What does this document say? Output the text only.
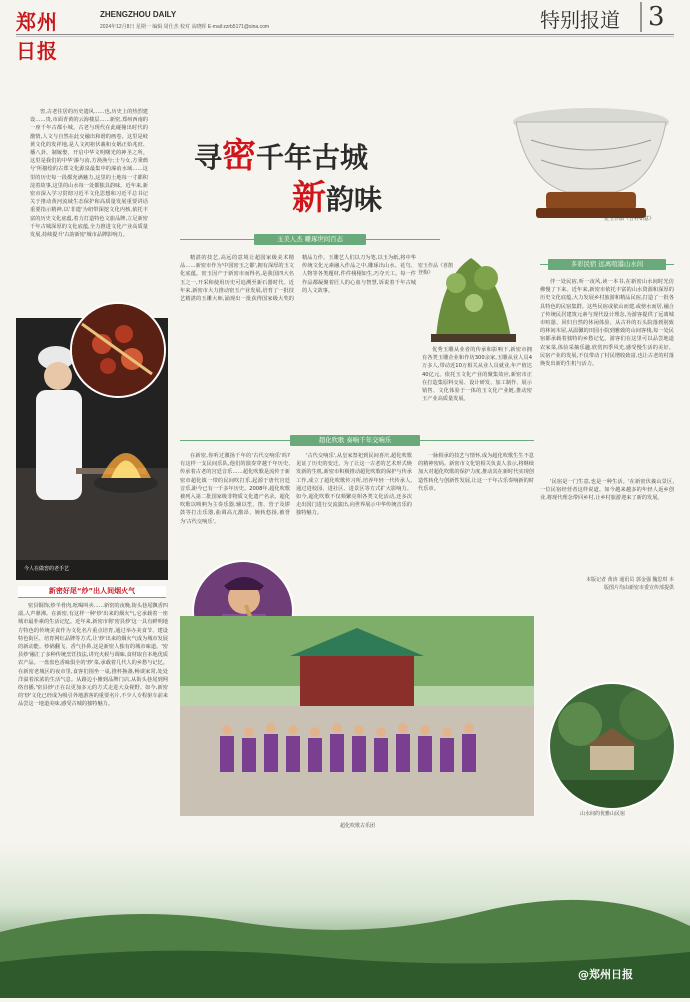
郑州日报
ZHENGZHOU DAILY
2024年12月8日 星期一 编辑 周仕杰 校对 高晓晖 E-mail:zzrb5171@sina.com	特别报道	3

窖,古老住居的历史遗风……也,历史上的热烈建设……贵,市面青黄的云海楼层……新密,郑州西南的一座千年古都小城。古老与现代在此碰撞出时代的激情,人文与自然在此交融出和谐的画卷。这里是岐黄文化的发祥地,是人文初祖伏羲和女娲正始兆庶、播八卦、制嫁娶、开启中华文明曙光的神圣之所。这里是我们的中华'溱与洧,方涣涣兮;士与女,方秉蕳兮'所描绘的古郑文化源泉最集中的溱洧水域……这里的历史每一段都充满魅力,这里的土地每一寸都积淀着故事,这里的山水每一处都独具韵味。近年来,新密市深入学习贯彻习近平文化思想和习近平总书记关于推动黄河流域生态保护和高质量发展重要讲话重要指示精神,以'非遗'为纽带深挖文化内核,依托丰富的历史文化底蕴,着力打造特色文旅品牌,立足新密千年古城深厚的文化底蕴,全力推进文化产业高质量发展,持续提升'古韵新密'城市品牌影响力。

今人在做窖的老手艺
新密好尾“炒”出人间烟火气

密县铜饰,炒羊骨肉,吆喝叫卖……新密的夜晚,街头巷尾飘香四溢,人声鼎沸。在新密,有这样一种'炒'出来的烟火气,它承载着一座城市最朴素的生活记忆。近年来,新密市将'密县炒'这一具有鲜明地方特色的传统美食作为文化名片重点培育,通过举办美食节、建设特色街区、培育网红品牌等方式,让'炒'出来的烟火气成为城市发展的新动能。炒锅翻飞、香气扑鼻,这是新密人独有的城市味道。'密县炒'融汇了多种传统烹饪技法,讲究火候与调味,食材取自本地优质农产品。一盘盘色香味俱全的'炒'菜,承载着几代人的乡愁与记忆。在新密老城区的夜市里,食客们围坐一桌,推杯换盏,畅谈家常,处处洋溢着浓浓的生活气息。从路边小摊到品牌门店,从街头巷尾到网络直播,'密县炒'正在以更加多元的方式走进大众视野。如今,新密的'炒'文化已经成为吸引外地游客的重要名片,不少人专程驱车前来品尝这一地道美味,感受古城的独特魅力。

寻密千年古城
新韵味
密玉作品《吉祥如意》
玉美人杰 雕琢世间百态

精湛的技艺,高远的意境让超国家级美术精品……新密市作为'中国密玉之都',拥有深厚的玉文化底蕴。密玉因产于新密市而得名,是我国四大名玉之一,开采和使用历史可追溯至新石器时代。近年来,新密市大力推动密玉产业发展,培育了一批技艺精湛的玉雕大师,涌现出一批获得国家级大奖的精品力作。玉雕艺人们以刀为笔,以玉为纸,将中华传统文化元素融入作品之中,雕琢出山水、花鸟、人物等各类题材,件件栩栩如生,巧夺天工。每一件作品都凝聚着匠人的心血与智慧,诉说着千年古城的人文故事。

密玉作品《喜鹊登梅》

优秀玉雕从业者的传承和影响下,新密市拥有各类玉雕企业和作坊300余家,玉雕从业人员4万多人,带动近10万相关从业人员就业,年产值达40亿元。依托玉文化产业的聚集效应,新密市正在打造集原料交易、设计研发、加工制作、展示销售、文化体验于一体的玉文化产业链,推动密玉产业高质量发展。

多彩民宿 远离喧嚣山水间

伴一处民宿,听一夜风,读一本书,在新密山水间时光仿佛慢了下来。近年来,新密市依托丰富的山水资源和深厚的历史文化底蕴,大力发展乡村旅游和精品民宿,打造了一批各具特色的民宿集群。这些民宿或依山而建,或傍水而居,融合了传统民居建筑元素与现代设计理念,为游客提供了远离城市喧嚣、回归自然的休闲体验。从古朴的石头院落到别致的林间木屋,从温馨的田园小院到雅致的山间客栈,每一处民宿都承载着独特的乡愁记忆。游客们在这里可以品尝地道农家菜,体验采摘乐趣,欣赏四季风光,感受慢生活的美好。民宿产业的发展,不仅带动了村民增收致富,也让古老的村落焕发出新的生机与活力。

'民宿是一门生意,也是一种生活。'在新密伏羲山景区,一位民宿经营者这样说道。如今越来越多的年轻人返乡创业,将现代理念带回乡村,让乡村旅游迎来了新的发展。

本版记者 黄涛 通讯员 郭金强 魏思琪 本版图片均由新密市委宣传部提供
山水间的优雅山民宿
超化吹歌 奏响千年交响乐

在新密,你听过激扬千年的'古代交响乐'吗?有这样一支民间乐队,他们的演奏穿越千年历史,传承着古老的宫廷音乐……超化吹歌是流传于新密市超化镇一带的民间吹打乐,起源于唐代宫廷音乐,距今已有一千多年历史。2008年,超化吹歌被列入第二批国家级非物质文化遗产名录。超化吹歌以唢呐为主奏乐器,辅以笙、笛、管子及锣鼓等打击乐器,曲调高亢激昂、婉转悠扬,被誉为'古代交响乐'。

'古代交响乐',从皇家祭祀到民间喜庆,超化吹歌见证了历史的变迁。为了让这一古老的艺术形式焕发新的生机,新密市积极推动超化吹歌的保护与传承工作,成立了超化吹歌传习所,培养年轻一代传承人,通过进校园、进社区、进景区等方式扩大影响力。如今,超化吹歌不仅频繁亮相各类文化活动,还多次走出国门进行交流演出,向世界展示中华传统音乐的独特魅力。

一脉相承的技艺与情怀,成为超化吹歌生生不息的精神密码。新密市文化馆相关负责人表示,将继续加大对超化吹歌的保护力度,推动其在新时代实现创造性转化与创新性发展,让这一千年古乐奏响新的时代乐章。

超化吹歌古乐团
@郑州日报
